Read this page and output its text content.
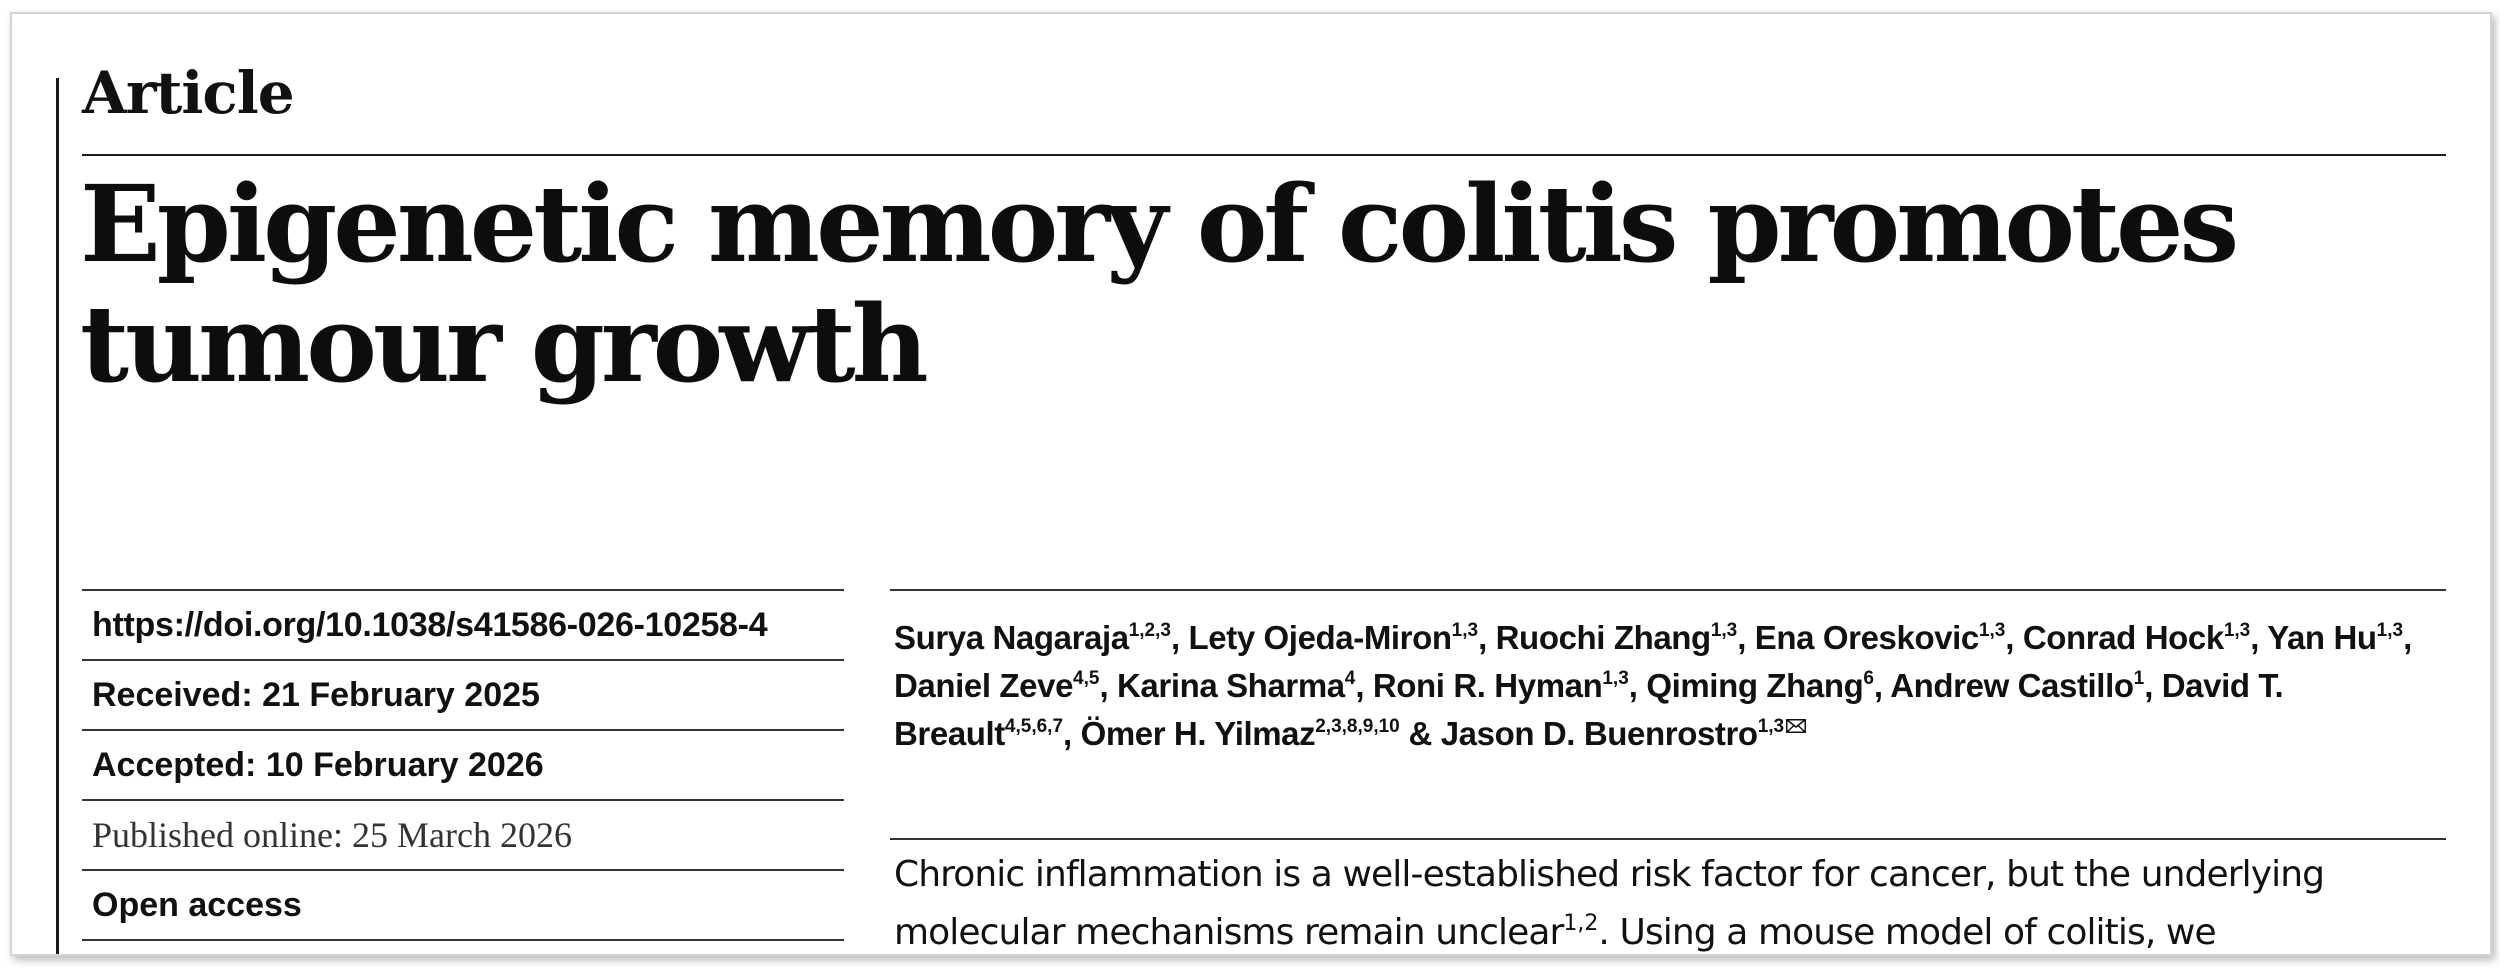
Article
Epigenetic memory of colitis promotes tumour growth
https://doi.org/10.1038/s41586-026-10258-4
Received: 21 February 2025
Accepted: 10 February 2026
Published online: 25 March 2026
Open access

Surya Nagaraja$^{1,2,3}$, Lety Ojeda-Miron$^{1,3}$, Ruochi Zhang$^{1,3}$, Ena Oreskovic$^{1,3}$, Conrad Hock$^{1,3}$, Yan Hu$^{1,3}$, Daniel Zeve$^{4,5}$, Karina Sharma$^4$, Roni R. Hyman$^{1,3}$, Qiming Zhang$^6$, Andrew Castillo$^1$, David T. Breault$^{4,5,6,7}$, Ömer H. Yilmaz$^{2,3,8,9,10}$ & Jason D. Buenrostro$^{1,3}$

Chronic inflammation is a well-established risk factor for cancer, but the underlying molecular mechanisms remain unclear$^{1,2}$. Using a mouse model of colitis, we
